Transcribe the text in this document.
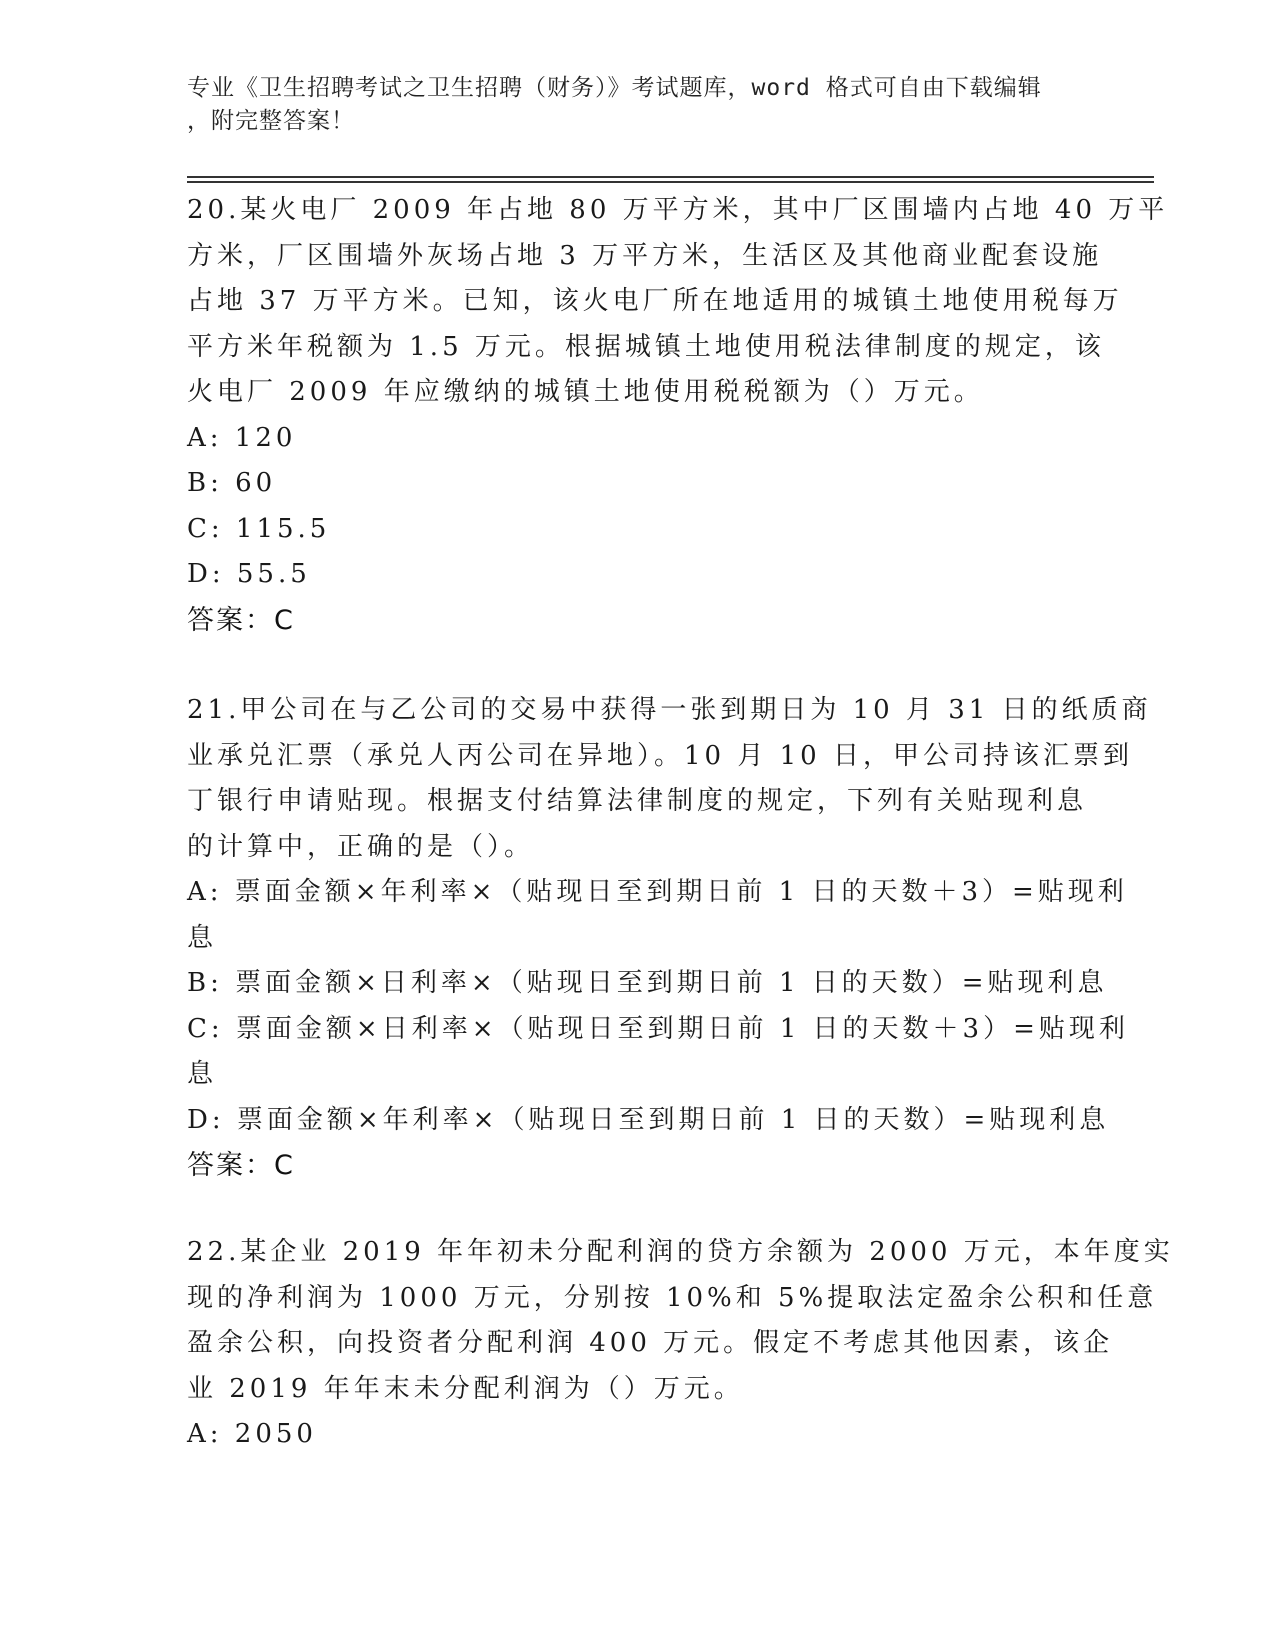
专业《卫生招聘考试之卫生招聘（财务）》考试题库，word 格式可自由下载编辑
，附完整答案！
20.某火电厂 2009 年占地 80 万平方米，其中厂区围墙内占地 40 万平
方米，厂区围墙外灰场占地 3 万平方米，生活区及其他商业配套设施
占地 37 万平方米。已知，该火电厂所在地适用的城镇土地使用税每万
平方米年税额为 1.5 万元。根据城镇土地使用税法律制度的规定，该
火电厂 2009 年应缴纳的城镇土地使用税税额为（）万元。
A: 120
B: 60
C: 115.5
D: 55.5
答案：C
21.甲公司在与乙公司的交易中获得一张到期日为 10 月 31 日的纸质商
业承兑汇票（承兑人丙公司在异地）。10 月 10 日，甲公司持该汇票到
丁银行申请贴现。根据支付结算法律制度的规定，下列有关贴现利息
的计算中，正确的是（）。
A: 票面金额×年利率×（贴现日至到期日前 1 日的天数＋3）=贴现利
息
B: 票面金额×日利率×（贴现日至到期日前 1 日的天数）=贴现利息
C: 票面金额×日利率×（贴现日至到期日前 1 日的天数＋3）=贴现利
息
D: 票面金额×年利率×（贴现日至到期日前 1 日的天数）=贴现利息
答案：C
22.某企业 2019 年年初未分配利润的贷方余额为 2000 万元，本年度实
现的净利润为 1000 万元，分别按 10%和 5%提取法定盈余公积和任意
盈余公积，向投资者分配利润 400 万元。假定不考虑其他因素，该企
业 2019 年年末未分配利润为（）万元。
A: 2050
